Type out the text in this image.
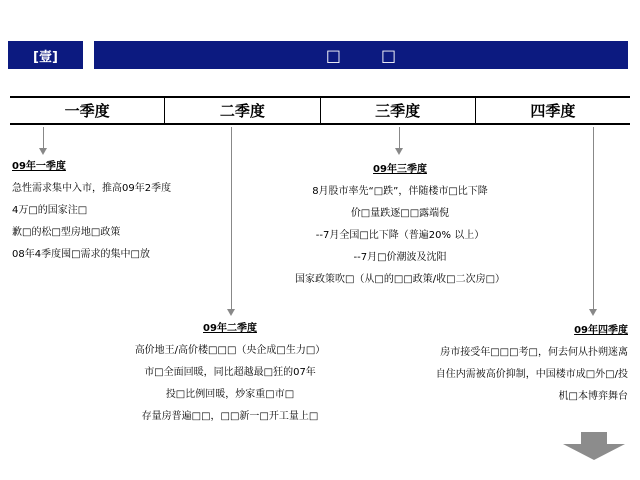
[壹]	□□
一季度	二季度	三季度	四季度
09年一季度
急性需求集中入市，推高09年2季度
4万□的国家注□
歉□的松□型房地□政策
08年4季度囤□需求的集中□放
09年三季度
8月股市率先“□跌”，伴随楼市□比下降
价□量跌逐□□露端倪
--7月全国□比下降（普遍20% 以上）
--7月□价潮波及沈阳
国家政策吹□（从□的□□政策/收□二次房□）
09年二季度
高价地王/高价楼□□□（央企成□生力□）
市□全面回暖，同比超越最□狂的07年
投□比例回暖，炒家重□市□
存量房普遍□□，□□新一□开工量上□
09年四季度
房市接受年□□□考□，何去何从扑朔迷离
自住内需被高价抑制，中国楼市成□外□/投
机□本博弈舞台
